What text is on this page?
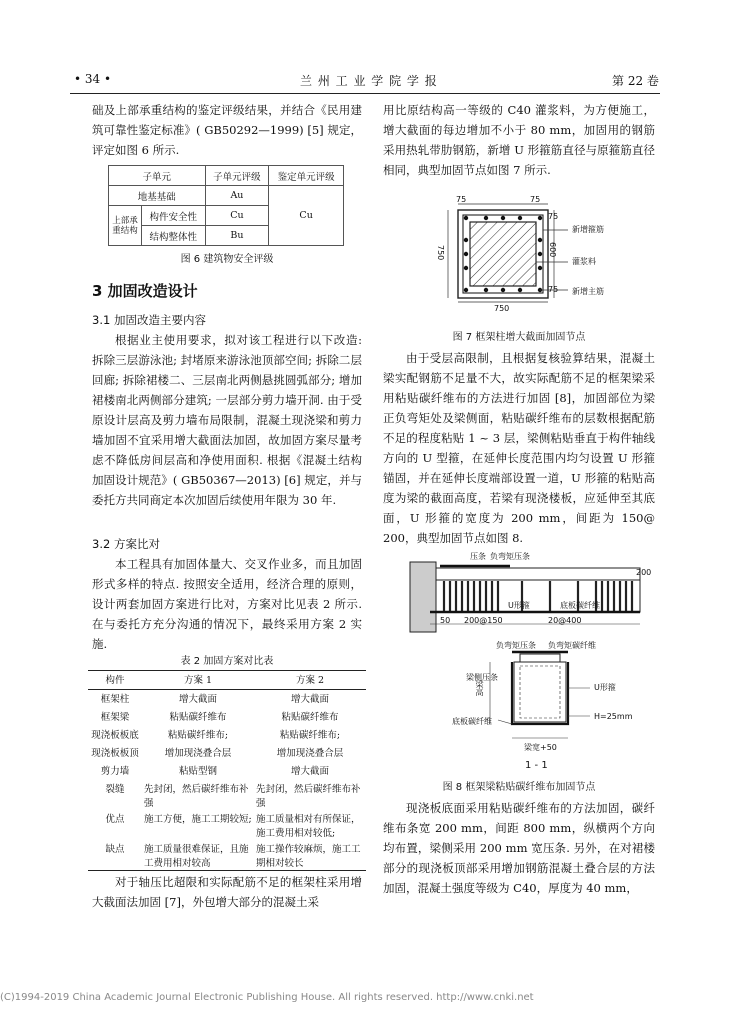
• 34 •	兰 州 工 业 学 院 学 报	第 22 卷
础及上部承重结构的鉴定评级结果，并结合《民用建筑可靠性鉴定标准》( GB50292—1999) [5] 规定，评定如图 6 所示.
子单元		子单元评级	鉴定单元评级
地基基础		Au	Cu
上部承重结构	构件安全性	Cu	
	结构整体性	Bu	
图 6 建筑物安全评级
3 加固改造设计
3.1 加固改造主要内容
根据业主使用要求，拟对该工程进行以下改造: 拆除三层游泳池; 封堵原来游泳池顶部空间; 拆除二层回廊; 拆除裙楼二、三层南北两侧悬挑圆弧部分; 增加裙楼南北两侧部分建筑; 一层部分剪力墙开洞. 由于受原设计层高及剪力墙布局限制，混凝土现浇梁和剪力墙加固不宜采用增大截面法加固，故加固方案尽量考虑不降低房间层高和净使用面积. 根据《混凝土结构加固设计规范》( GB50367—2013) [6] 规定，并与委托方共同商定本次加固后续使用年限为 30 年.
3.2 方案比对
本工程具有加固体量大、交叉作业多，而且加固形式多样的特点. 按照安全适用，经济合理的原则，设计两套加固方案进行比对，方案对比见表 2 所示. 在与委托方充分沟通的情况下，最终采用方案 2 实施.
表 2 加固方案对比表
构件	方案 1	方案 2
框架柱	增大截面	增大截面
框架梁	粘贴碳纤维布	粘贴碳纤维布
现浇板板底	粘贴碳纤维布;	粘贴碳纤维布;
现浇板板顶	增加现浇叠合层	增加现浇叠合层
剪力墙	粘贴型钢	增大截面
裂缝	先封闭，然后碳纤维布补强	先封闭，然后碳纤维布补强
优点	施工方便，施工工期较短;	施工质量相对有所保证，施工费用相对较低;
缺点	施工质量很难保证，且施工费用相对较高	施工操作较麻烦，施工工期相对较长
对于轴压比超限和实际配筋不足的框架柱采用增大截面法加固 [7]，外包增大部分的混凝土采
用比原结构高一等级的 C40 灌浆料，为方便施工，增大截面的每边增加不小于 80 mm，加固用的钢筋采用热轧带肋钢筋，新增 U 形箍筋直径与原箍筋直径相同，典型加固节点如图 7 所示.
75	75
75
600
75
750
750
新增箍筋
灌浆料
新增主筋
图 7 框架柱增大截面加固节点
由于受层高限制，且根据复核验算结果，混凝土梁实配钢筋不足量不大，故实际配筋不足的框架梁采用粘贴碳纤维布的方法进行加固 [8]，加固部位为梁正负弯矩处及梁侧面，粘贴碳纤维布的层数根据配筋不足的程度粘贴 1 ~ 3 层，梁侧粘贴垂直于构件轴线方向的 U 型箍，在延伸长度范围内均匀设置 U 形箍锚固，并在延伸长度端部设置一道，U 形箍的粘贴高度为梁的截面高度，若梁有现浇楼板，应延伸至其底面，U 形箍的宽度为 200 mm，间距为 150@ 200，典型加固节点如图 8.
压条 负弯矩压条
U形箍	底板碳纤维
200@150	20@400
200
50
负弯矩压条 负弯矩碳纤维
梁侧压条
U形箍
底板碳纤维
H=25mm
梁宽+50
梁高
1 - 1
图 8 框架梁粘贴碳纤维布加固节点
现浇板底面采用粘贴碳纤维布的方法加固，碳纤维布条宽 200 mm，间距 800 mm，纵横两个方向均布置，梁侧采用 200 mm 宽压条. 另外，在对裙楼部分的现浇板顶部采用增加钢筋混凝土叠合层的方法加固，混凝土强度等级为 C40，厚度为 40 mm，
(C)1994-2019 China Academic Journal Electronic Publishing House. All rights reserved. http://www.cnki.net
